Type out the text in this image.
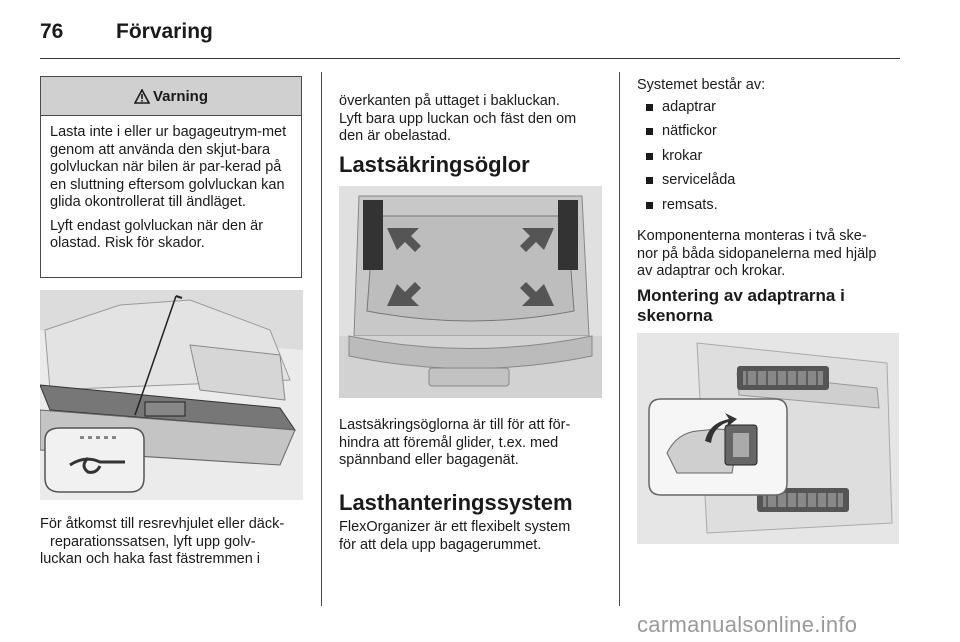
76	Förvaring
Varning

Lasta inte i eller ur bagageutrym-met genom att använda den skjut-bara golvluckan när bilen är par-kerad på en sluttning eftersom golvluckan kan glida okontrollerat till ändläget.

Lyft endast golvluckan när den är olastad. Risk för skador.

För åtkomst till resrevhjulet eller däck-

reparationssatsen, lyft upp golv-

luckan och haka fast fästremmen i

överkanten på uttaget i bakluckan.

Lyft bara upp luckan och fäst den om

den är obelastad.

Lastsäkringsöglor

Lastsäkringsöglorna är till för att för-

hindra att föremål glider, t.ex. med

spännband eller bagagenät.

Lasthanteringssystem

FlexOrganizer är ett flexibelt system

för att dela upp bagagerummet.

Systemet består av:

adaptrar
nätfickor
krokar
servicelåda
remsats.

Komponenterna monteras i två ske-

nor på båda sidopanelerna med hjälp

av adaptrar och krokar.

Montering av adaptrarna i
skenorna
carmanualsonline.info
